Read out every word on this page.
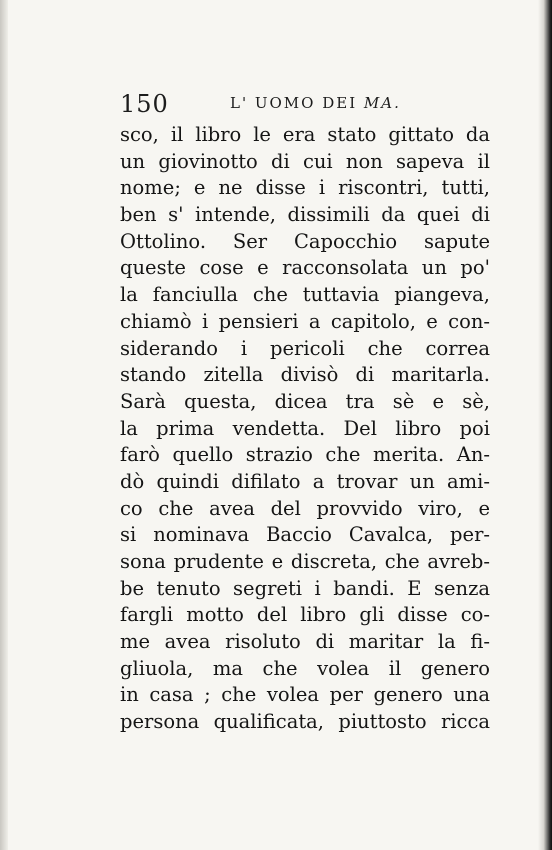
150	L' UOMO DEI MA.
sco, il libro le era stato gittato da
un giovinotto di cui non sapeva il
nome; e ne disse i riscontri, tutti,
ben s' intende, dissimili da quei di
Ottolino. Ser Capocchio sapute
queste cose e racconsolata un po'
la fanciulla che tuttavia piangeva,
chiamò i pensieri a capitolo, e con-
siderando i pericoli che correa
stando zitella divisò di maritarla.
Sarà questa, dicea tra sè e sè,
la prima vendetta. Del libro poi
farò quello strazio che merita. An-
dò quindi difilato a trovar un ami-
co che avea del provvido viro, e
si nominava Baccio Cavalca, per-
sona prudente e discreta, che avreb-
be tenuto segreti i bandi. E senza
fargli motto del libro gli disse co-
me avea risoluto di maritar la fi-
gliuola, ma che volea il genero
in casa ; che volea per genero una
persona qualificata, piuttosto ricca
